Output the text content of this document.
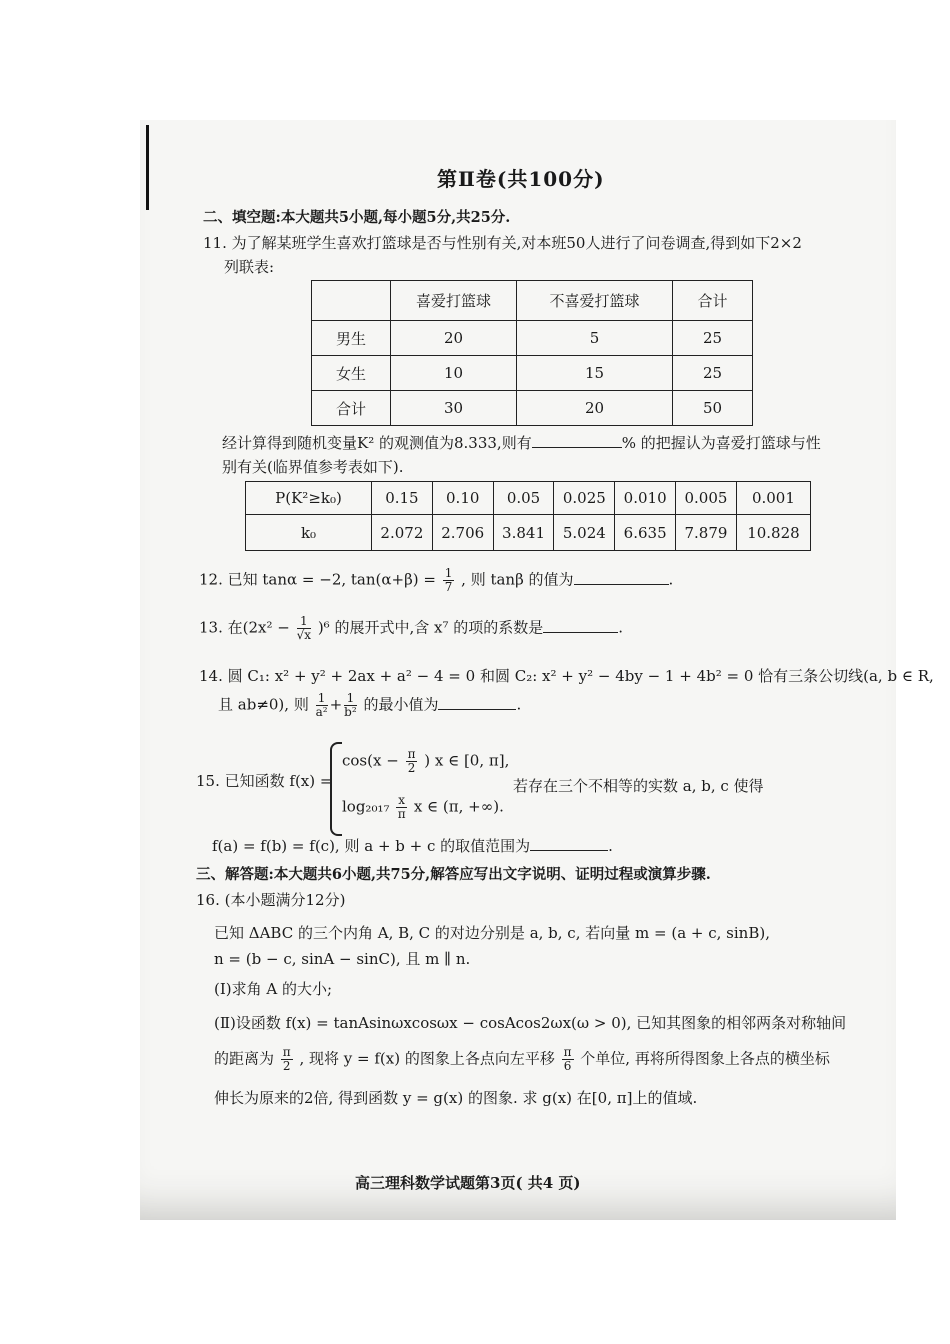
第Ⅱ卷(共100分)
二、填空题:本大题共5小题,每小题5分,共25分.
11. 为了解某班学生喜欢打篮球是否与性别有关,对本班50人进行了问卷调查,得到如下2×2
列联表:
	喜爱打篮球	不喜爱打篮球	合计
男生	20	5	25
女生	10	15	25
合计	30	20	50
经计算得到随机变量K² 的观测值为8.333,则有	% 的把握认为喜爱打篮球与性
别有关(临界值参考表如下).
P(K²≥k₀)	0.15	0.10	0.05	0.025	0.010	0.005	0.001
k₀	2.072	2.706	3.841	5.024	6.635	7.879	10.828
12. 已知 tanα = −2, $\tan(\alpha+\beta) = \frac{1}{7}$ , 则 tanβ 的值为	.
13. 在$(2x^2 - \frac{1}{√x} )^6$ 的展开式中,含 x⁷ 的项的系数是	.
14. 圆 C₁: x² + y² + 2ax + a² − 4 = 0 和圆 C₂: x² + y² − 4by − 1 + 4b² = 0 恰有三条公切线(a, b ∈ R,
且 ab≠0), 则 $\frac{1}{\text{a²}} + \frac{1}{\text{b²}}$ 的最小值为	.
15. 已知函数 f(x) =
$\cos(x - \frac{\pi}{2}$ ) x ∈ [0, π],
$\log_{2017} \frac{x}{\pi}$ x ∈ (π, +∞).
若存在三个不相等的实数 a, b, c 使得
f(a) = f(b) = f(c), 则 a + b + c 的取值范围为	.
三、解答题:本大题共6小题,共75分,解答应写出文字说明、证明过程或演算步骤.
16. (本小题满分12分)
已知 ΔABC 的三个内角 A, B, C 的对边分别是 a, b, c, 若向量 m = (a + c, sinB),
n = (b − c, sinA − sinC), 且 m ∥ n.
(Ⅰ)求角 A 的大小;
(Ⅱ)设函数 f(x) = tanAsinωxcosωx − cosAcos2ωx(ω > 0), 已知其图象的相邻两条对称轴间
的距离为 $\frac{\pi}{2}$ , 现将 y = f(x) 的图象上各点向左平移 $\frac{\pi}{6}$ 个单位, 再将所得图象上各点的横坐标
伸长为原来的2倍, 得到函数 y = g(x) 的图象. 求 g(x) 在[0, π]上的值域.
高三理科数学试题第3页( 共4 页)
